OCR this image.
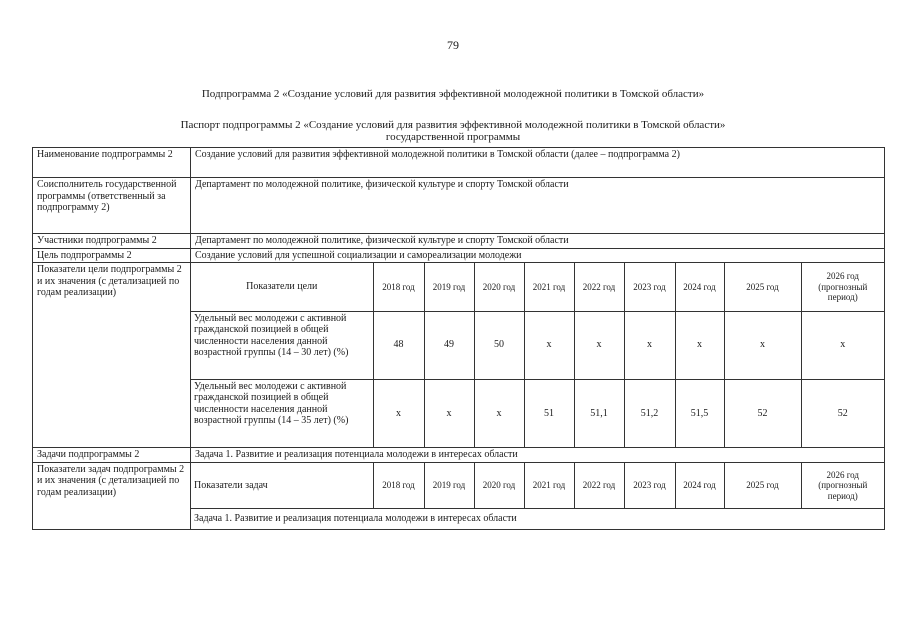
79
Подпрограмма 2 «Создание условий для развития эффективной молодежной политики в Томской области»
Паспорт подпрограммы 2 «Создание условий для развития эффективной молодежной политики в Томской области»
государственной программы
Наименование подпрограммы 2	Создание условий для развития эффективной молодежной политики в Томской области (далее – подпрограмма 2)
Соисполнитель государственной программы (ответственный за подпрограмму 2)	Департамент по молодежной политике, физической культуре и спорту Томской области
Участники подпрограммы 2	Департамент по молодежной политике, физической культуре и спорту Томской области
Цель подпрограммы 2	Создание условий для успешной социализации и самореализации молодежи
Показатели цели подпрограммы 2 и их значения (с детализацией по годам реализации)	
Показатели цели	2018 год	2019 год	2020 год	2021 год	2022 год	2023 год	2024 год	2025 год	2026 год (прогнозный период)
Удельный вес молодежи с активной гражданской позицией в общей численности населения данной возрастной группы (14 – 30 лет) (%)	48	49	50	х	х	х	х	х	х
Удельный вес молодежи с активной гражданской позицией в общей численности населения данной возрастной группы (14 – 35 лет) (%)	х	х	х	51	51,1	51,2	51,5	52	52

Задачи подпрограммы 2	Задача 1. Развитие и реализация потенциала молодежи в интересах области
Показатели задач подпрограммы 2 и их значения (с детализацией по годам реализации)	
Показатели задач	2018 год	2019 год	2020 год	2021 год	2022 год	2023 год	2024 год	2025 год	2026 год (прогнозный период)
Задача 1. Развитие и реализация потенциала молодежи в интересах области
